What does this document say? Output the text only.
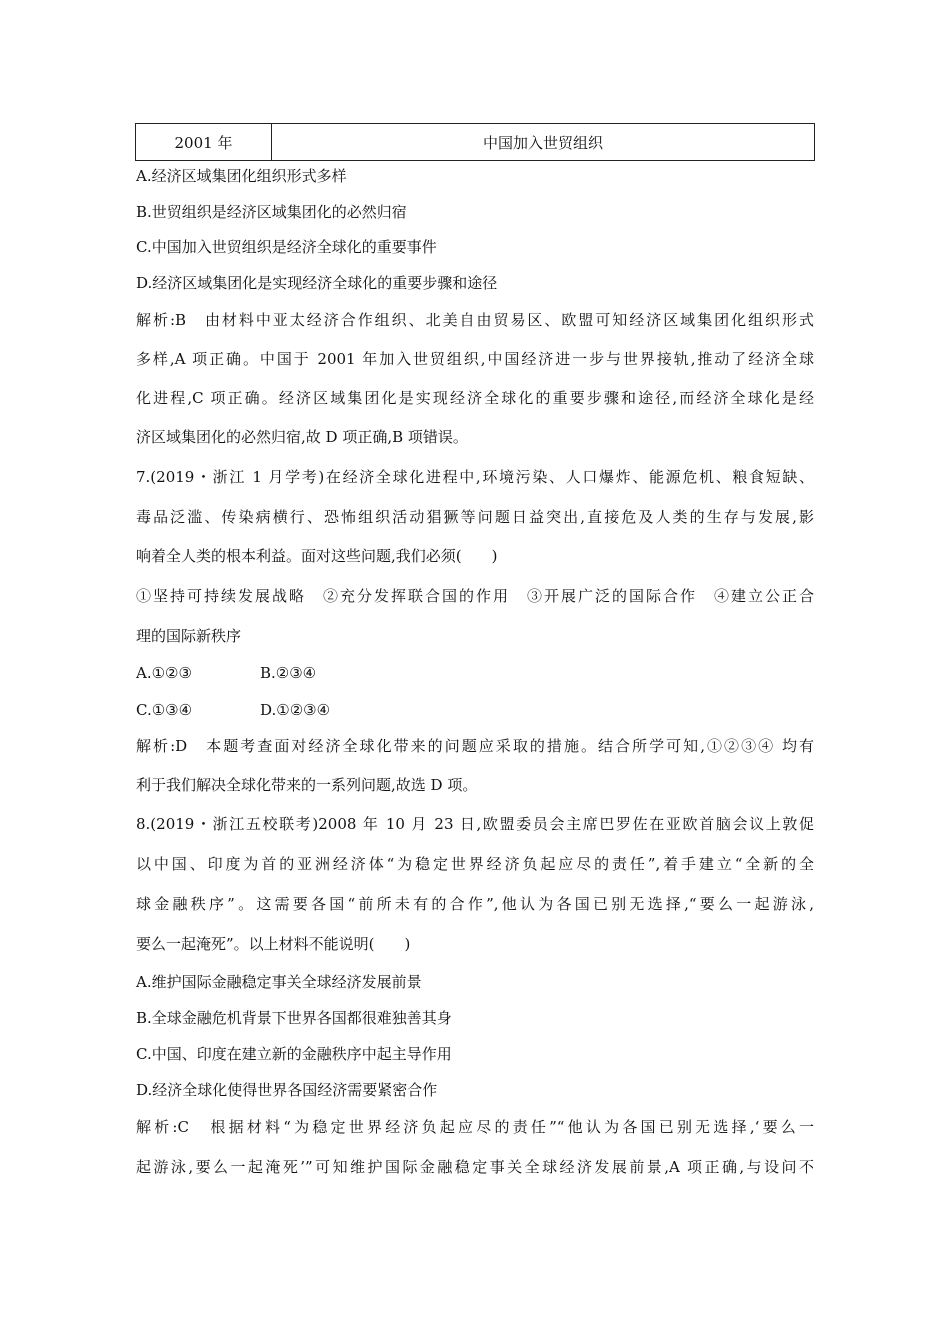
2001 年	中国加入世贸组织
A.经济区域集团化组织形式多样
B.世贸组织是经济区域集团化的必然归宿
C.中国加入世贸组织是经济全球化的重要事件
D.经济区域集团化是实现经济全球化的重要步骤和途径
解析:B　由材料中亚太经济合作组织、北美自由贸易区、欧盟可知经济区域集团化组织形式
多样,A 项正确。中国于 2001 年加入世贸组织,中国经济进一步与世界接轨,推动了经济全球
化进程,C 项正确。经济区域集团化是实现经济全球化的重要步骤和途径,而经济全球化是经
济区域集团化的必然归宿,故 D 项正确,B 项错误。
7.(2019・浙江 1 月学考)在经济全球化进程中,环境污染、人口爆炸、能源危机、粮食短缺、
毒品泛滥、传染病横行、恐怖组织活动猖獗等问题日益突出,直接危及人类的生存与发展,影
响着全人类的根本利益。面对这些问题,我们必须(　　)
①坚持可持续发展战略　②充分发挥联合国的作用　③开展广泛的国际合作　④建立公正合
理的国际新秩序
A.①②③	B.②③④
C.①③④	D.①②③④
解析:D　本题考查面对经济全球化带来的问题应采取的措施。结合所学可知,①②③④ 均有
利于我们解决全球化带来的一系列问题,故选 D 项。
8.(2019・浙江五校联考)2008 年 10 月 23 日,欧盟委员会主席巴罗佐在亚欧首脑会议上敦促
以中国、印度为首的亚洲经济体“为稳定世界经济负起应尽的责任”,着手建立“全新的全
球金融秩序”。这需要各国“前所未有的合作”,他认为各国已别无选择,“要么一起游泳,
要么一起淹死”。以上材料不能说明(　　)
A.维护国际金融稳定事关全球经济发展前景
B.全球金融危机背景下世界各国都很难独善其身
C.中国、印度在建立新的金融秩序中起主导作用
D.经济全球化使得世界各国经济需要紧密合作
解析:C　根据材料“为稳定世界经济负起应尽的责任”“他认为各国已别无选择,‘要么一
起游泳,要么一起淹死’”可知维护国际金融稳定事关全球经济发展前景,A 项正确,与设问不
